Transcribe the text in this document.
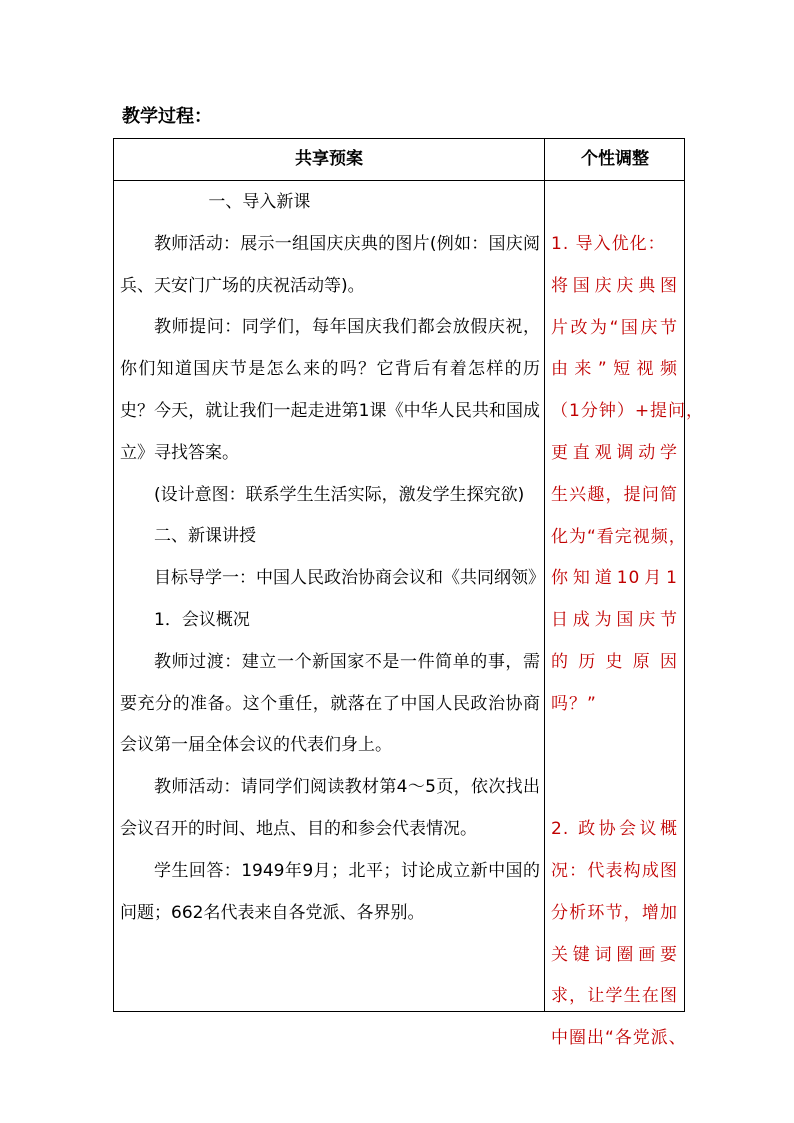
教学过程：
共享预案	个性调整

一、导入新课

教师活动：展示一组国庆庆典的图片(例如：国庆阅兵、天安门广场的庆祝活动等)。

教师提问：同学们，每年国庆我们都会放假庆祝，你们知道国庆节是怎么来的吗？它背后有着怎样的历史？今天，就让我们一起走进第1课《中华人民共和国成立》寻找答案。

(设计意图：联系学生生活实际，激发学生探究欲)

二、新课讲授

目标导学一：中国人民政治协商会议和《共同纲领》

1．会议概况

教师过渡：建立一个新国家不是一件简单的事，需要充分的准备。这个重任，就落在了中国人民政治协商会议第一届全体会议的代表们身上。

教师活动：请同学们阅读教材第4～5页，依次找出会议召开的时间、地点、目的和参会代表情况。

学生回答：1949年9月；北平；讨论成立新中国的问题；662名代表来自各党派、各界别。

1. 导入优化：
将国庆庆典图
片改为“国庆节
由来”短视频
（1分钟）+提问，
更直观调动学
生兴趣，提问简
化为“看完视频，
你知道10月1
日成为国庆节
的历史原因
吗？”
2. 政协会议概
况：代表构成图
分析环节，增加
关键词圈画要
求，让学生在图
中圈出“各党派、
